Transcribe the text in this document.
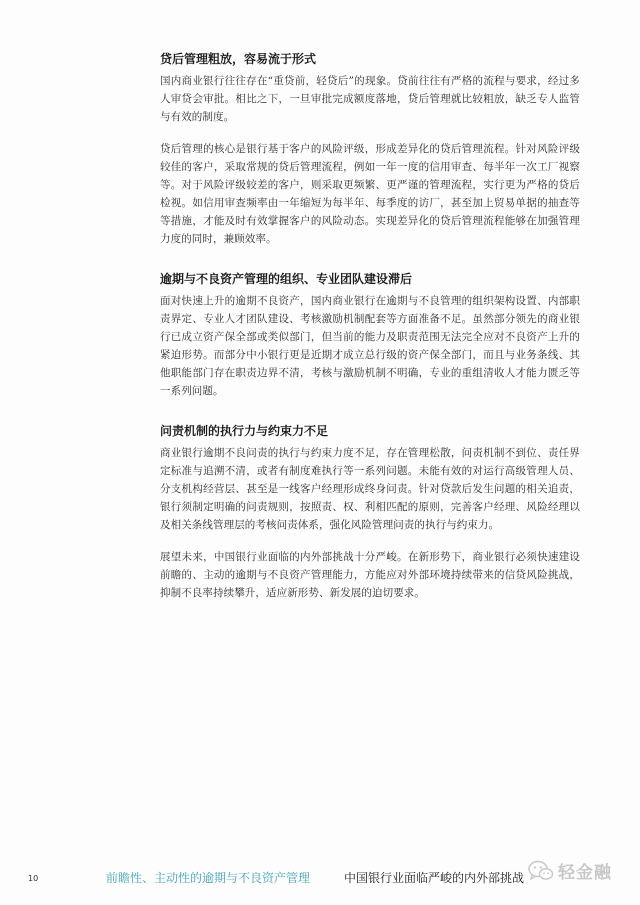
贷后管理粗放，容易流于形式

国内商业银行往往存在“重贷前，轻贷后”的现象。贷前往往有严格的流程与要求，经过多人审贷会审批。相比之下，一旦审批完成额度落地，贷后管理就比较粗放，缺乏专人监管与有效的制度。

贷后管理的核心是银行基于客户的风险评级，形成差异化的贷后管理流程。针对风险评级较佳的客户，采取常规的贷后管理流程，例如一年一度的信用审查、每半年一次工厂视察等。对于风险评级较差的客户，则采取更频繁、更严谨的管理流程，实行更为严格的贷后检视。如信用审查频率由一年缩短为每半年、每季度的访厂，甚至加上贸易单据的抽查等等措施，才能及时有效掌握客户的风险动态。实现差异化的贷后管理流程能够在加强管理力度的同时，兼顾效率。

逾期与不良资产管理的组织、专业团队建设滞后

面对快速上升的逾期不良资产，国内商业银行在逾期与不良管理的组织架构设置、内部职责界定、专业人才团队建设、考核激励机制配套等方面准备不足。虽然部分领先的商业银行已成立资产保全部或类似部门，但当前的能力及职责范围无法完全应对不良资产上升的紧迫形势。而部分中小银行更是近期才成立总行级的资产保全部门，而且与业务条线、其他职能部门存在职责边界不清，考核与激励机制不明确，专业的重组清收人才能力匮乏等一系列问题。

问责机制的执行力与约束力不足

商业银行逾期不良问责的执行与约束力度不足，存在管理松散，问责机制不到位、责任界定标准与追溯不清，或者有制度难执行等一系列问题。未能有效的对运行高级管理人员、分支机构经营层、甚至是一线客户经理形成终身问责。针对贷款后发生问题的相关追责，银行须制定明确的问责规则，按照责、权、利相匹配的原则，完善客户经理、风险经理以及相关条线管理层的考核问责体系，强化风险管理问责的执行与约束力。

展望未来，中国银行业面临的内外部挑战十分严峻。在新形势下，商业银行必须快速建设前瞻的、主动的逾期与不良资产管理能力，方能应对外部环境持续带来的信贷风险挑战，抑制不良率持续攀升，适应新形势、新发展的迫切要求。

10	前瞻性、主动性的逾期与不良资产管理	中国银行业面临严峻的内外部挑战 轻金融
